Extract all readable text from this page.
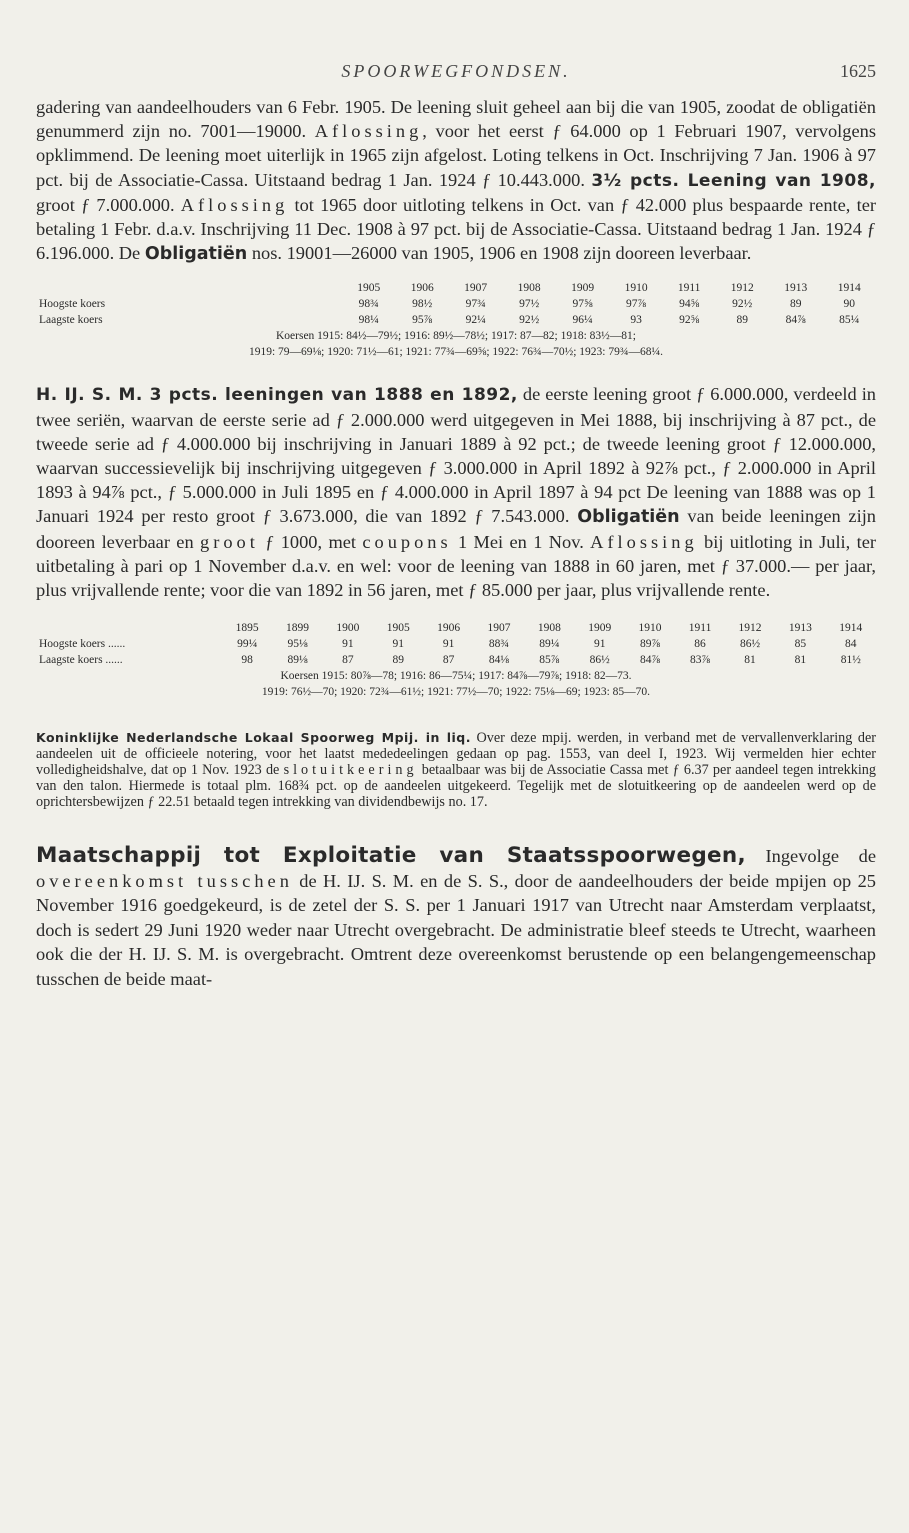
SPOORWEGFONDSEN.	1625

gadering van aandeelhouders van 6 Febr. 1905. De leening sluit geheel aan bij die van 1905, zoodat de obligatiën genummerd zijn no. 7001—19000. Aflossing, voor het eerst ƒ 64.000 op 1 Februari 1907, vervolgens opklimmend. De leening moet uiterlijk in 1965 zijn afgelost. Loting telkens in Oct. Inschrijving 7 Jan. 1906 à 97 pct. bij de Associatie-Cassa. Uitstaand bedrag 1 Jan. 1924 ƒ 10.443.000. 3½ pcts. Leening van 1908, groot ƒ 7.000.000. Aflossing tot 1965 door uitloting telkens in Oct. van ƒ 42.000 plus bespaarde rente, ter betaling 1 Febr. d.a.v. Inschrijving 11 Dec. 1908 à 97 pct. bij de Associatie-Cassa. Uitstaand bedrag 1 Jan. 1924 ƒ 6.196.000. De Obligatiën nos. 19001—26000 van 1905, 1906 en 1908 zijn dooreen leverbaar.

	1905	1906	1907	1908	1909	1910	1911	1912	1913	1914
Hoogste koers	98¾	98½	97¾	97½	97⅝	97⅞	94⅝	92½	89	90
Laagste koers	98¼	95⅞	92¼	92½	96¼	93	92⅝	89	84⅞	85¼
Koersen 1915: 84½—79½; 1916: 89½—78½; 1917: 87—82; 1918: 83½—81;
1919: 79—69⅛; 1920: 71½—61; 1921: 77¾—69⅝; 1922: 76¾—70½; 1923: 79¾—68¼.

H. IJ. S. M. 3 pcts. leeningen van 1888 en 1892, de eerste leening groot ƒ 6.000.000, verdeeld in twee seriën, waarvan de eerste serie ad ƒ 2.000.000 werd uitgegeven in Mei 1888, bij inschrijving à 87 pct., de tweede serie ad ƒ 4.000.000 bij inschrijving in Januari 1889 à 92 pct.; de tweede leening groot ƒ 12.000.000, waarvan successievelijk bij inschrijving uitgegeven ƒ 3.000.000 in April 1892 à 92⅞ pct., ƒ 2.000.000 in April 1893 à 94⅞ pct., ƒ 5.000.000 in Juli 1895 en ƒ 4.000.000 in April 1897 à 94 pct De leening van 1888 was op 1 Januari 1924 per resto groot ƒ 3.673.000, die van 1892 ƒ 7.543.000. Obligatiën van beide leeningen zijn dooreen leverbaar en groot ƒ 1000, met coupons 1 Mei en 1 Nov. Aflossing bij uitloting in Juli, ter uitbetaling à pari op 1 November d.a.v. en wel: voor de leening van 1888 in 60 jaren, met ƒ 37.000.— per jaar, plus vrijvallende rente; voor die van 1892 in 56 jaren, met ƒ 85.000 per jaar, plus vrijvallende rente.

	1895	1899	1900	1905	1906	1907	1908	1909	1910	1911	1912	1913	1914
Hoogste koers ......	99¼	95⅛	91	91	91	88¾	89¼	91	89⅞	86	86½	85	84
Laagste koers ......	98	89⅛	87	89	87	84⅛	85⅞	86½	84⅞	83⅞	81	81	81½
Koersen 1915: 80⅞—78; 1916: 86—75¼; 1917: 84⅞—79⅞; 1918: 82—73.
1919: 76½—70; 1920: 72¾—61½; 1921: 77½—70; 1922: 75⅛—69; 1923: 85—70.

Koninklijke Nederlandsche Lokaal Spoorweg Mpij. in liq. Over deze mpij. werden, in verband met de vervallenverklaring der aandeelen uit de officieele notering, voor het laatst mededeelingen gedaan op pag. 1553, van deel I, 1923. Wij vermelden hier echter volledigheidshalve, dat op 1 Nov. 1923 de slotuitkeering betaalbaar was bij de Associatie Cassa met ƒ 6.37 per aandeel tegen intrekking van den talon. Hiermede is totaal plm. 168¾ pct. op de aandeelen uitgekeerd. Tegelijk met de slotuitkeering op de aandeelen werd op de oprichtersbewijzen ƒ 22.51 betaald tegen intrekking van dividendbewijs no. 17.

Maatschappij tot Exploitatie van Staatsspoorwegen, Ingevolge de overeenkomst tusschen de H. IJ. S. M. en de S. S., door de aandeelhouders der beide mpijen op 25 November 1916 goedgekeurd, is de zetel der S. S. per 1 Januari 1917 van Utrecht naar Amsterdam verplaatst, doch is sedert 29 Juni 1920 weder naar Utrecht overgebracht. De administratie bleef steeds te Utrecht, waarheen ook die der H. IJ. S. M. is overgebracht. Omtrent deze overeenkomst berustende op een belangengemeenschap tusschen de beide maat-
